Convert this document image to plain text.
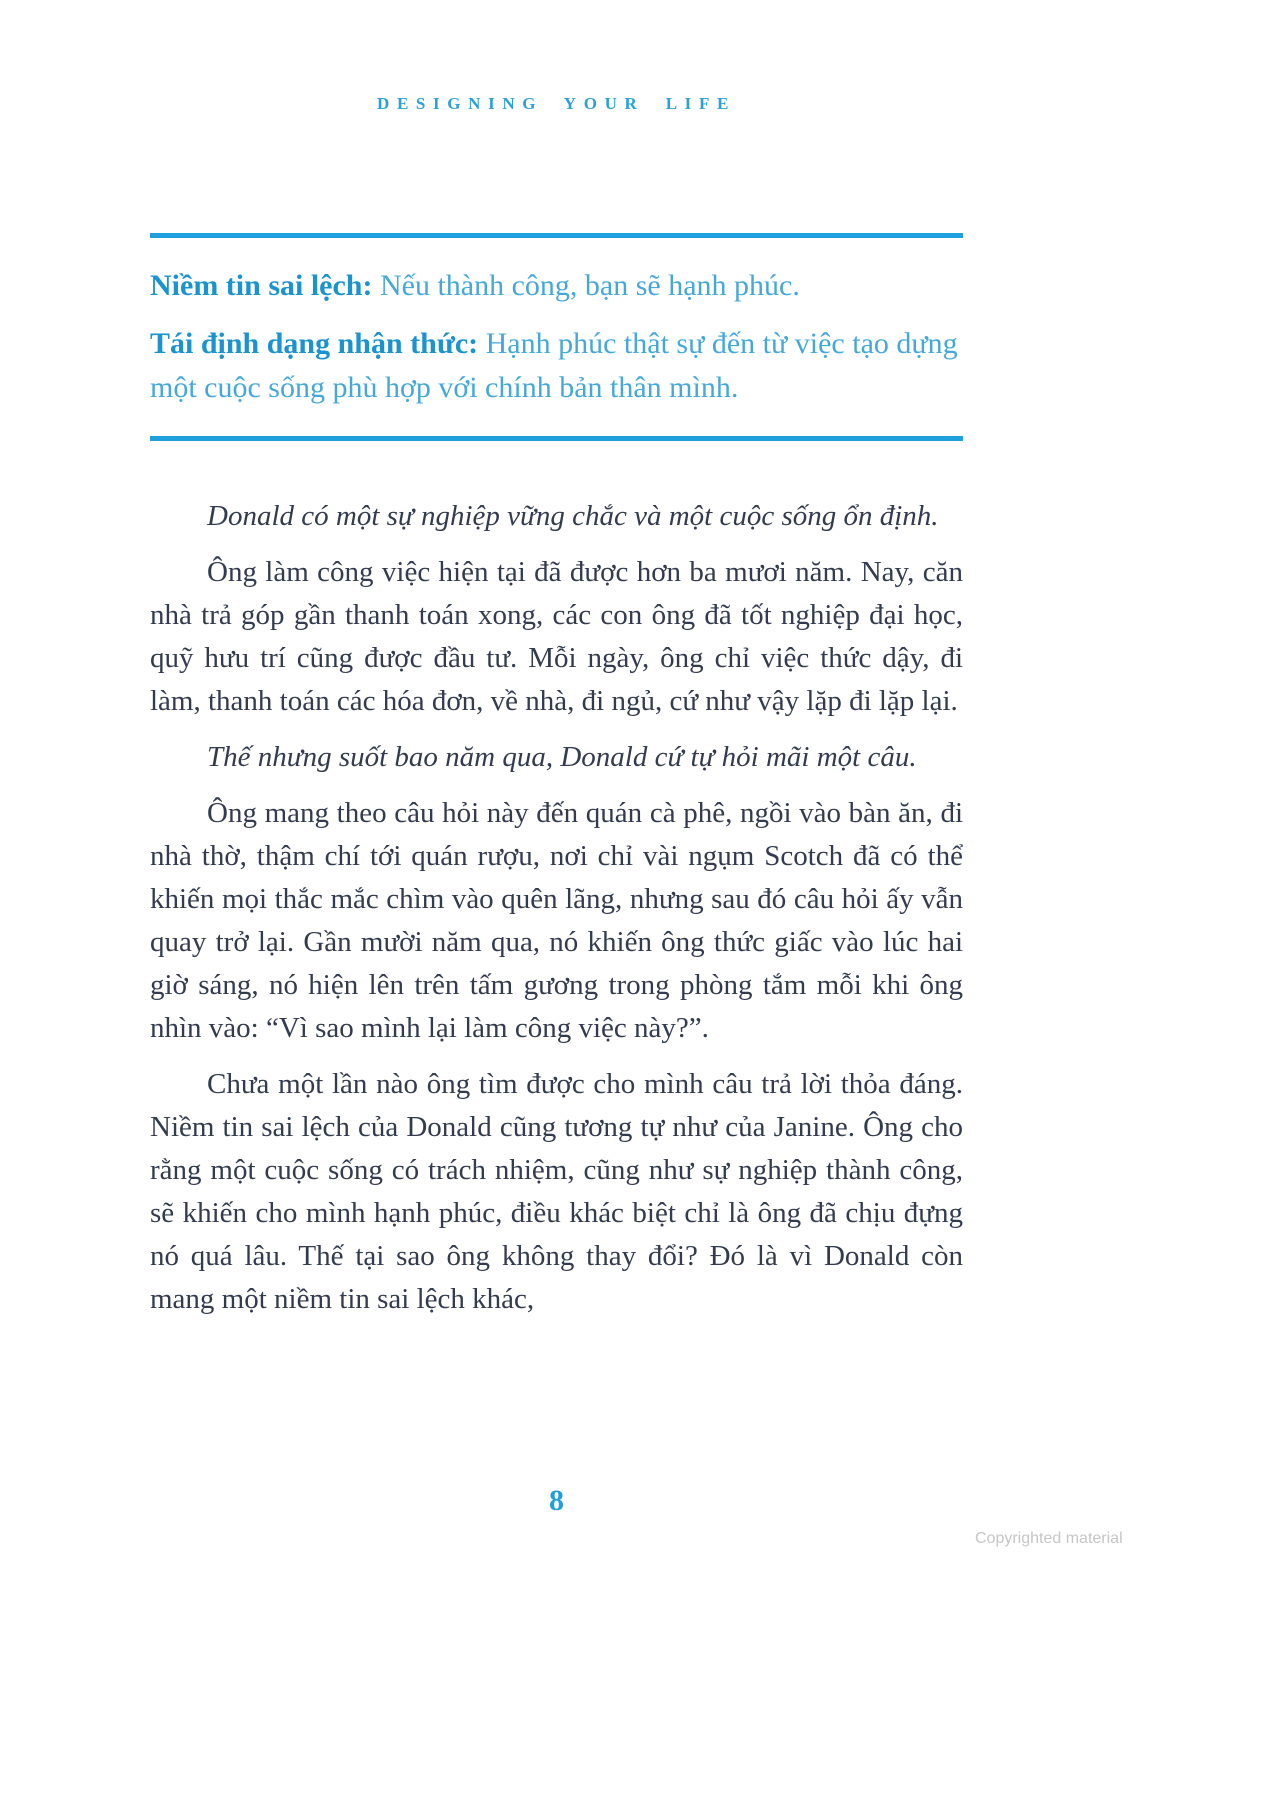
DESIGNING YOUR LIFE

Niềm tin sai lệch: Nếu thành công, bạn sẽ hạnh phúc.

Tái định dạng nhận thức: Hạnh phúc thật sự đến từ việc tạo dựng một cuộc sống phù hợp với chính bản thân mình.

Donald có một sự nghiệp vững chắc và một cuộc sống ổn định.

Ông làm công việc hiện tại đã được hơn ba mươi năm. Nay, căn nhà trả góp gần thanh toán xong, các con ông đã tốt nghiệp đại học, quỹ hưu trí cũng được đầu tư. Mỗi ngày, ông chỉ việc thức dậy, đi làm, thanh toán các hóa đơn, về nhà, đi ngủ, cứ như vậy lặp đi lặp lại.

Thế nhưng suốt bao năm qua, Donald cứ tự hỏi mãi một câu.

Ông mang theo câu hỏi này đến quán cà phê, ngồi vào bàn ăn, đi nhà thờ, thậm chí tới quán rượu, nơi chỉ vài ngụm Scotch đã có thể khiến mọi thắc mắc chìm vào quên lãng, nhưng sau đó câu hỏi ấy vẫn quay trở lại. Gần mười năm qua, nó khiến ông thức giấc vào lúc hai giờ sáng, nó hiện lên trên tấm gương trong phòng tắm mỗi khi ông nhìn vào: “Vì sao mình lại làm công việc này?”.

Chưa một lần nào ông tìm được cho mình câu trả lời thỏa đáng. Niềm tin sai lệch của Donald cũng tương tự như của Janine. Ông cho rằng một cuộc sống có trách nhiệm, cũng như sự nghiệp thành công, sẽ khiến cho mình hạnh phúc, điều khác biệt chỉ là ông đã chịu đựng nó quá lâu. Thế tại sao ông không thay đổi? Đó là vì Donald còn mang một niềm tin sai lệch khác,

8
Copyrighted material
